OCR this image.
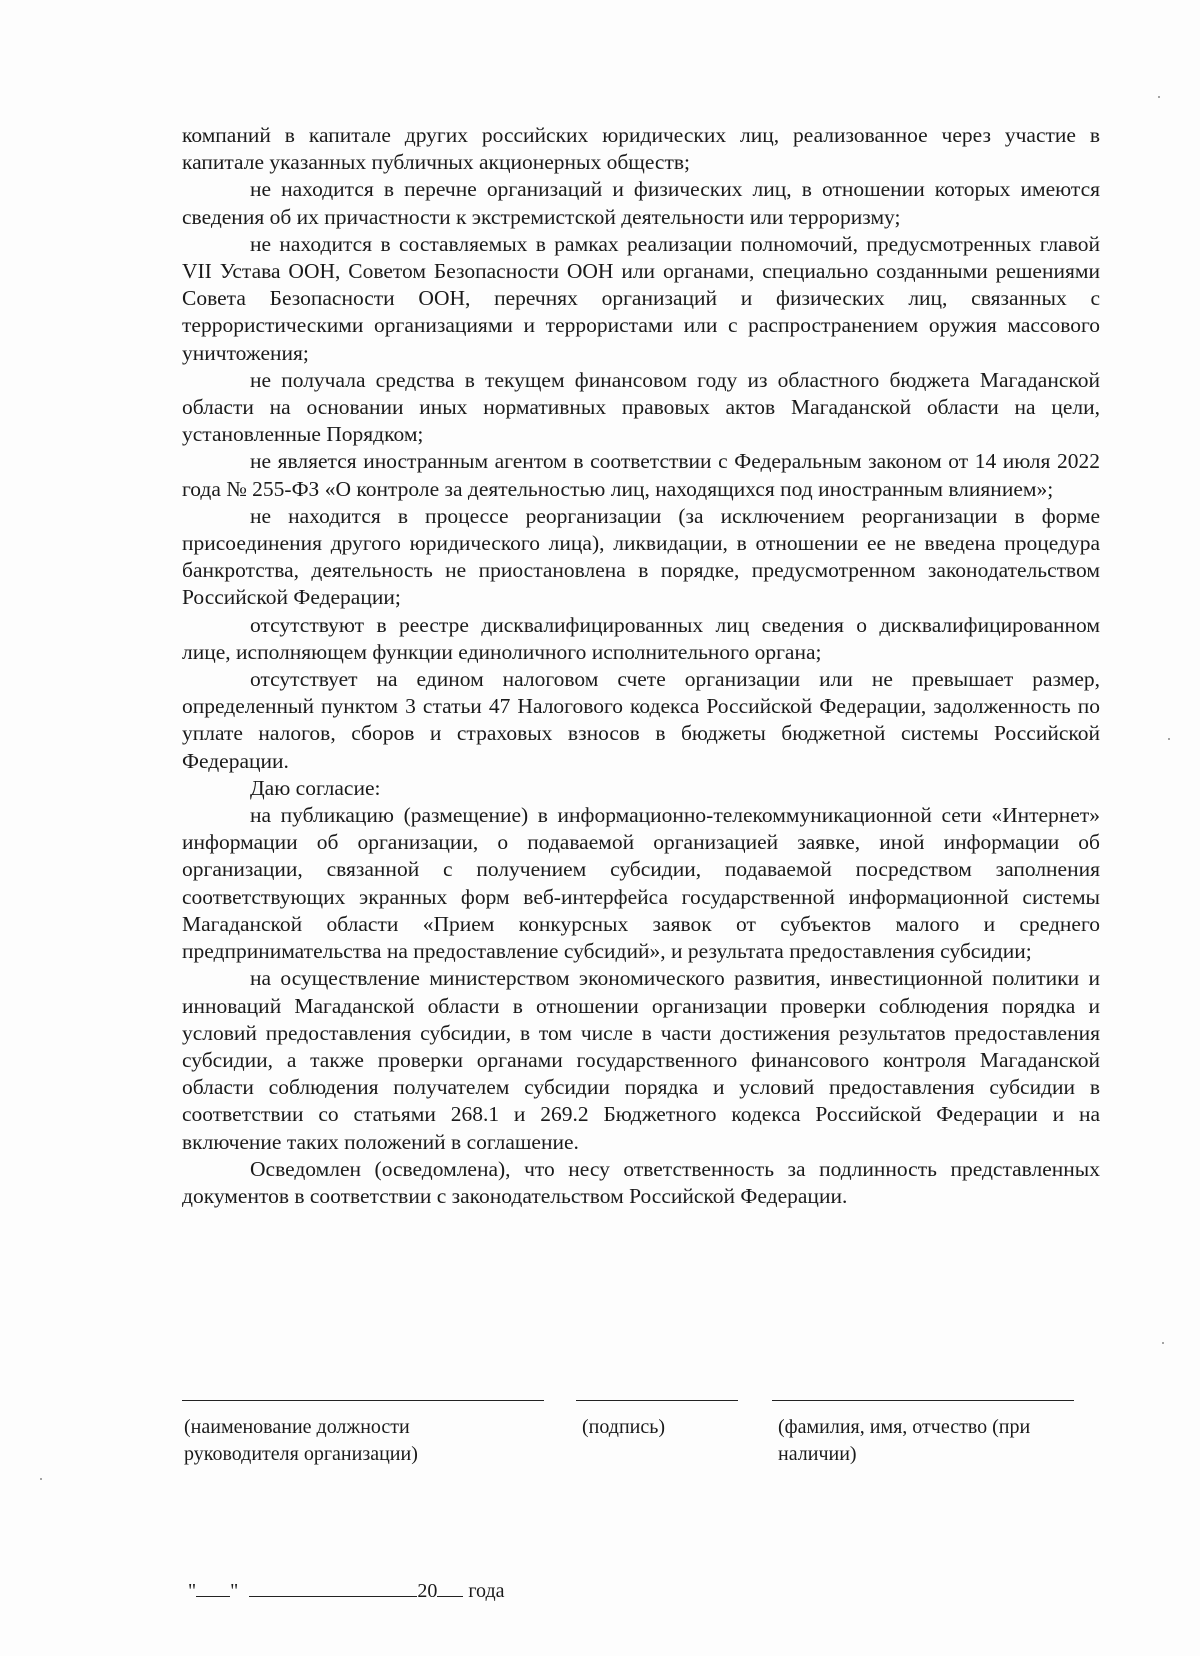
компаний в капитале других российских юридических лиц, реализованное через участие в капитале указанных публичных акционерных обществ;

не находится в перечне организаций и физических лиц, в отношении которых имеются сведения об их причастности к экстремистской деятельности или терроризму;

не находится в составляемых в рамках реализации полномочий, предусмотренных главой VII Устава ООН, Советом Безопасности ООН или органами, специально созданными решениями Совета Безопасности ООН, перечнях организаций и физических лиц, связанных с террористическими организациями и террористами или с распространением оружия массового уничтожения;

не получала средства в текущем финансовом году из областного бюджета Магаданской области на основании иных нормативных правовых актов Магаданской области на цели, установленные Порядком;

не является иностранным агентом в соответствии с Федеральным законом от 14 июля 2022 года № 255-ФЗ «О контроле за деятельностью лиц, находящихся под иностранным влиянием»;

не находится в процессе реорганизации (за исключением реорганизации в форме присоединения другого юридического лица), ликвидации, в отношении ее не введена процедура банкротства, деятельность не приостановлена в порядке, предусмотренном законодательством Российской Федерации;

отсутствуют в реестре дисквалифицированных лиц сведения о дисквалифицированном лице, исполняющем функции единоличного исполнительного органа;

отсутствует на едином налоговом счете организации или не превышает размер, определенный пунктом 3 статьи 47 Налогового кодекса Российской Федерации, задолженность по уплате налогов, сборов и страховых взносов в бюджеты бюджетной системы Российской Федерации.

Даю согласие:

на публикацию (размещение) в информационно-телекоммуникационной сети «Интернет» информации об организации, о подаваемой организацией заявке, иной информации об организации, связанной с получением субсидии, подаваемой посредством заполнения соответствующих экранных форм веб-интерфейса государственной информационной системы Магаданской области «Прием конкурсных заявок от субъектов малого и среднего предпринимательства на предоставление субсидий», и результата предоставления субсидии;

на осуществление министерством экономического развития, инвестиционной политики и инноваций Магаданской области в отношении организации проверки соблюдения порядка и условий предоставления субсидии, в том числе в части достижения результатов предоставления субсидии, а также проверки органами государственного финансового контроля Магаданской области соблюдения получателем субсидии порядка и условий предоставления субсидии в соответствии со статьями 268.1 и 269.2 Бюджетного кодекса Российской Федерации и на включение таких положений в соглашение.

Осведомлен (осведомлена), что несу ответственность за подлинность представленных документов в соответствии с законодательством Российской Федерации.

(наименование должности
руководителя организации)
(подпись)	(фамилия, имя, отчество (при
наличии)
" "	20 года
